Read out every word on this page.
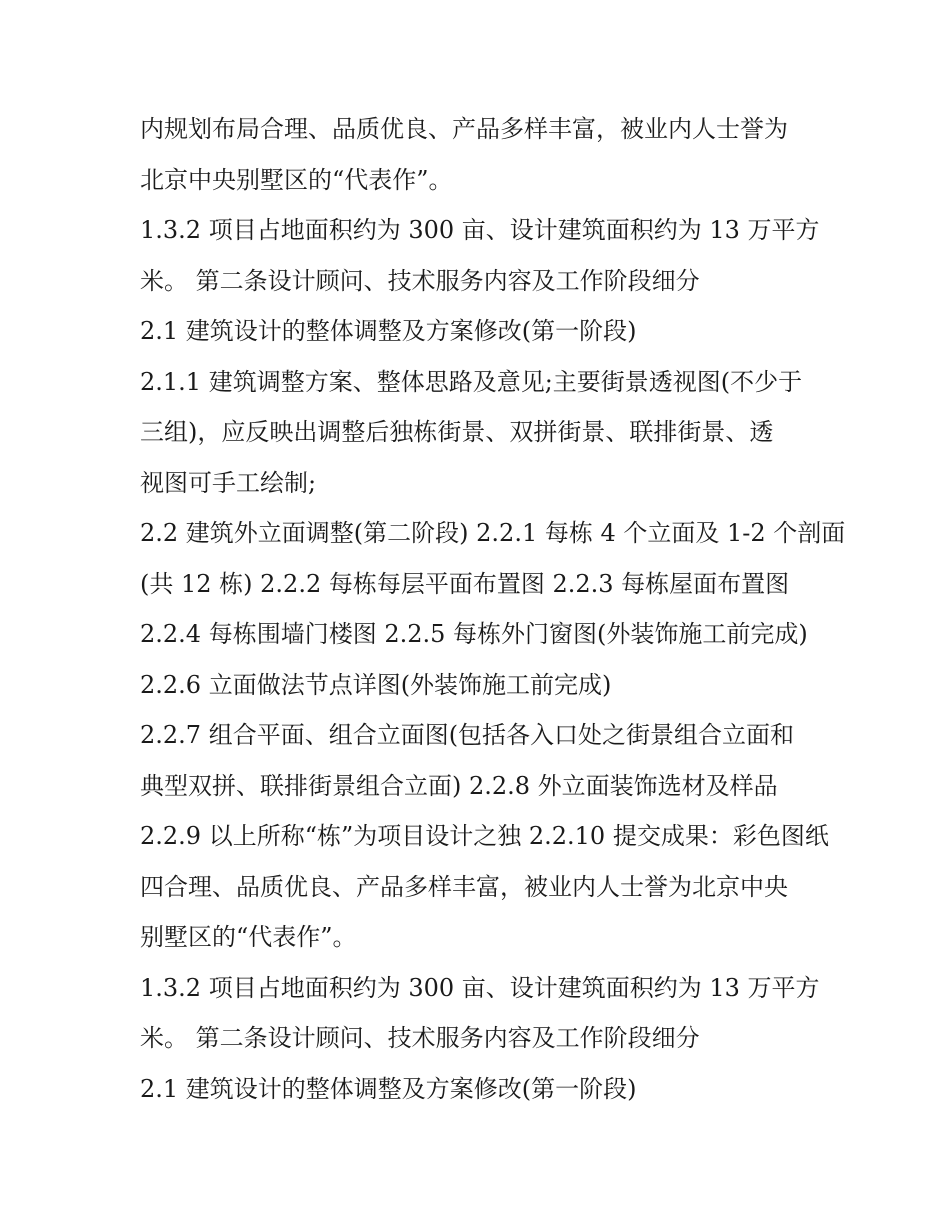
内规划布局合理、品质优良、产品多样丰富，被业内人士誉为
北京中央别墅区的“代表作”。
1.3.2 项目占地面积约为 300 亩、设计建筑面积约为 13 万平方
米。 第二条设计顾问、技术服务内容及工作阶段细分
2.1 建筑设计的整体调整及方案修改(第一阶段)
2.1.1 建筑调整方案、整体思路及意见;主要街景透视图(不少于
三组)，应反映出调整后独栋街景、双拼街景、联排街景、透
视图可手工绘制;
2.2 建筑外立面调整(第二阶段) 2.2.1 每栋 4 个立面及 1-2 个剖面
(共 12 栋) 2.2.2 每栋每层平面布置图 2.2.3 每栋屋面布置图
2.2.4 每栋围墙门楼图 2.2.5 每栋外门窗图(外装饰施工前完成)
2.2.6 立面做法节点详图(外装饰施工前完成)
2.2.7 组合平面、组合立面图(包括各入口处之街景组合立面和
典型双拼、联排街景组合立面) 2.2.8 外立面装饰选材及样品
2.2.9 以上所称“栋”为项目设计之独 2.2.10 提交成果：彩色图纸
四合理、品质优良、产品多样丰富，被业内人士誉为北京中央
别墅区的“代表作”。
1.3.2 项目占地面积约为 300 亩、设计建筑面积约为 13 万平方
米。 第二条设计顾问、技术服务内容及工作阶段细分
2.1 建筑设计的整体调整及方案修改(第一阶段)
